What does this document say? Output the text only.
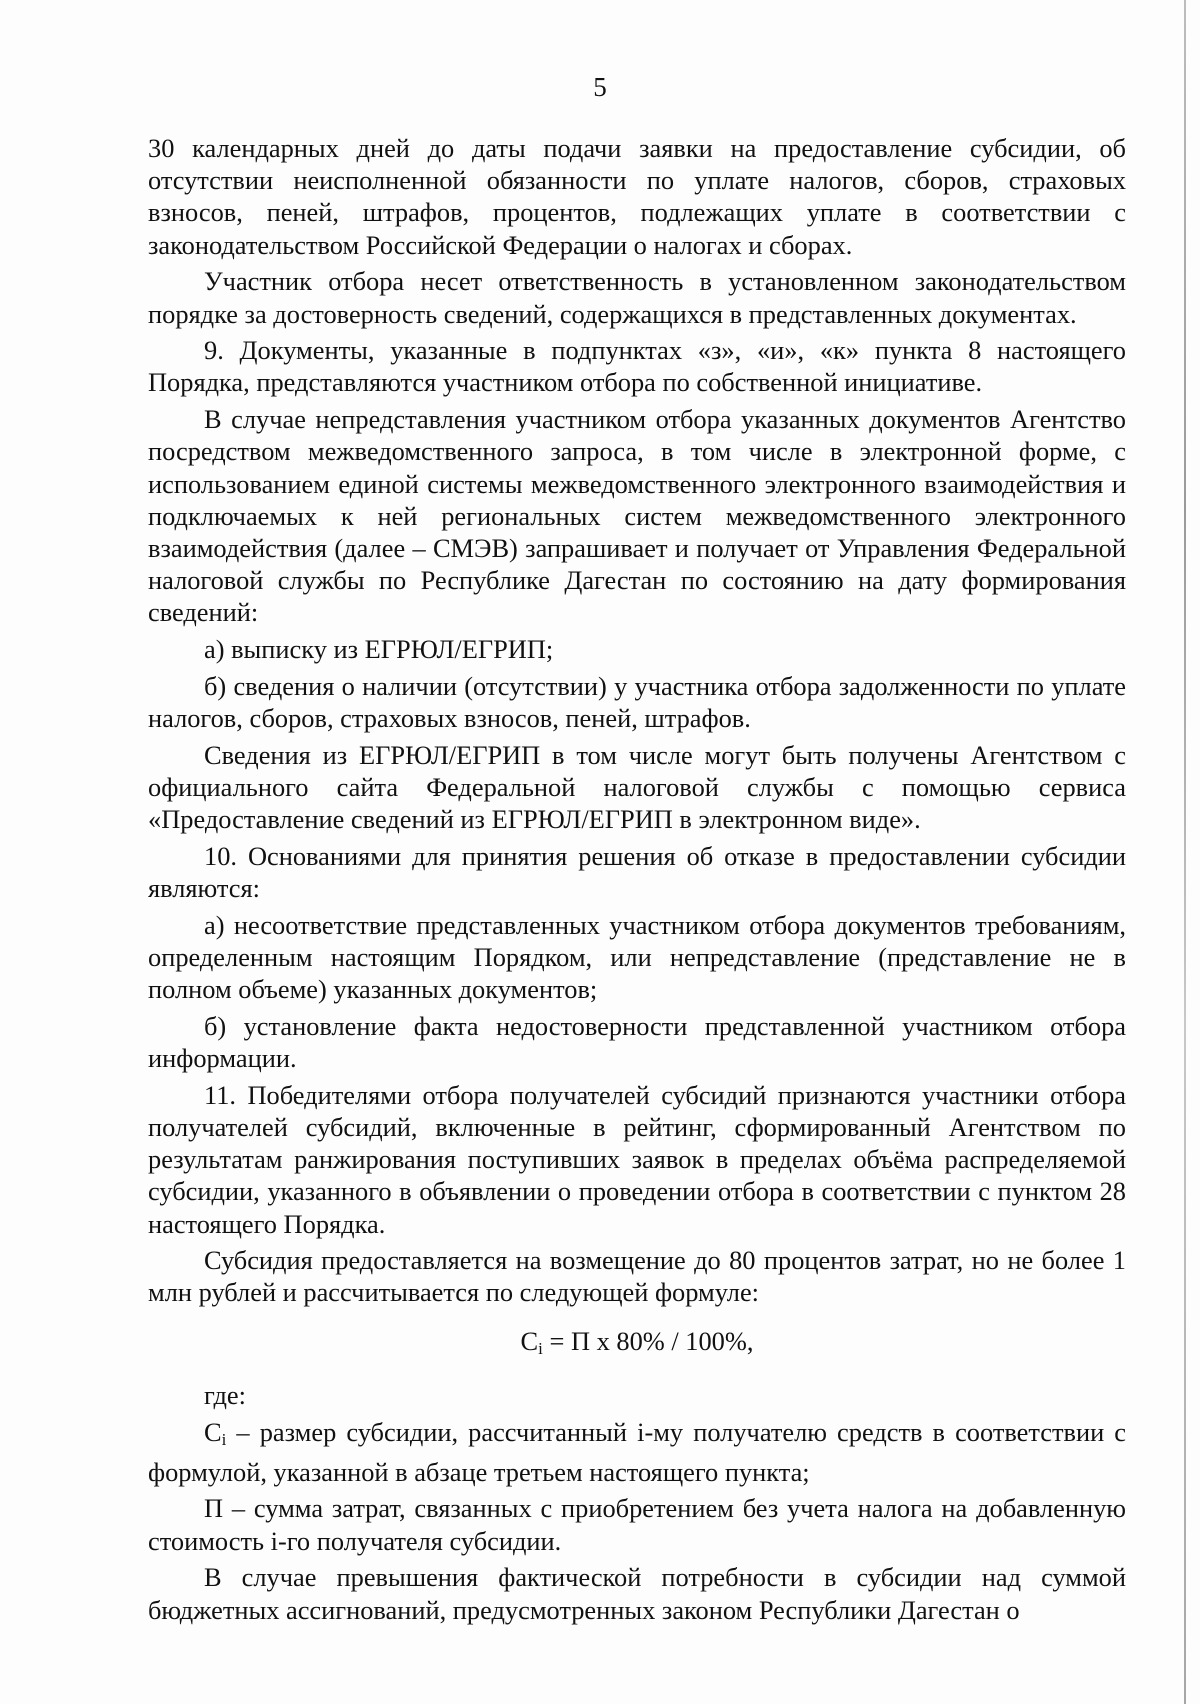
5

30 календарных дней до даты подачи заявки на предоставление субсидии, об отсутствии неисполненной обязанности по уплате налогов, сборов, страховых взносов, пеней, штрафов, процентов, подлежащих уплате в соответствии с законодательством Российской Федерации о налогах и сборах.

Участник отбора несет ответственность в установленном законодательством порядке за достоверность сведений, содержащихся в представленных документах.

9. Документы, указанные в подпунктах «з», «и», «к» пункта 8 настоящего Порядка, представляются участником отбора по собственной инициативе.

В случае непредставления участником отбора указанных документов Агентство посредством межведомственного запроса, в том числе в электронной форме, с использованием единой системы межведомственного электронного взаимодействия и подключаемых к ней региональных систем межведомственного электронного взаимодействия (далее – СМЭВ) запрашивает и получает от Управления Федеральной налоговой службы по Республике Дагестан по состоянию на дату формирования сведений:

а) выписку из ЕГРЮЛ/ЕГРИП;

б) сведения о наличии (отсутствии) у участника отбора задолженности по уплате налогов, сборов, страховых взносов, пеней, штрафов.

Сведения из ЕГРЮЛ/ЕГРИП в том числе могут быть получены Агентством с официального сайта Федеральной налоговой службы с помощью сервиса «Предоставление сведений из ЕГРЮЛ/ЕГРИП в электронном виде».

10. Основаниями для принятия решения об отказе в предоставлении субсидии являются:

а) несоответствие представленных участником отбора документов требованиям, определенным настоящим Порядком, или непредставление (представление не в полном объеме) указанных документов;

б) установление факта недостоверности представленной участником отбора информации.

11. Победителями отбора получателей субсидий признаются участники отбора получателей субсидий, включенные в рейтинг, сформированный Агентством по результатам ранжирования поступивших заявок в пределах объёма распределяемой субсидии, указанного в объявлении о проведении отбора в соответствии с пунктом 28 настоящего Порядка.

Субсидия предоставляется на возмещение до 80 процентов затрат, но не более 1 млн рублей и рассчитывается по следующей формуле:

$С_i = П$ х 80% / 100%,

где:

$С_i$ – размер субсидии, рассчитанный i-му получателю средств в соответствии с формулой, указанной в абзаце третьем настоящего пункта;

П – сумма затрат, связанных с приобретением без учета налога на добавленную стоимость i-го получателя субсидии.

В случае превышения фактической потребности в субсидии над суммой бюджетных ассигнований, предусмотренных законом Республики Дагестан о
